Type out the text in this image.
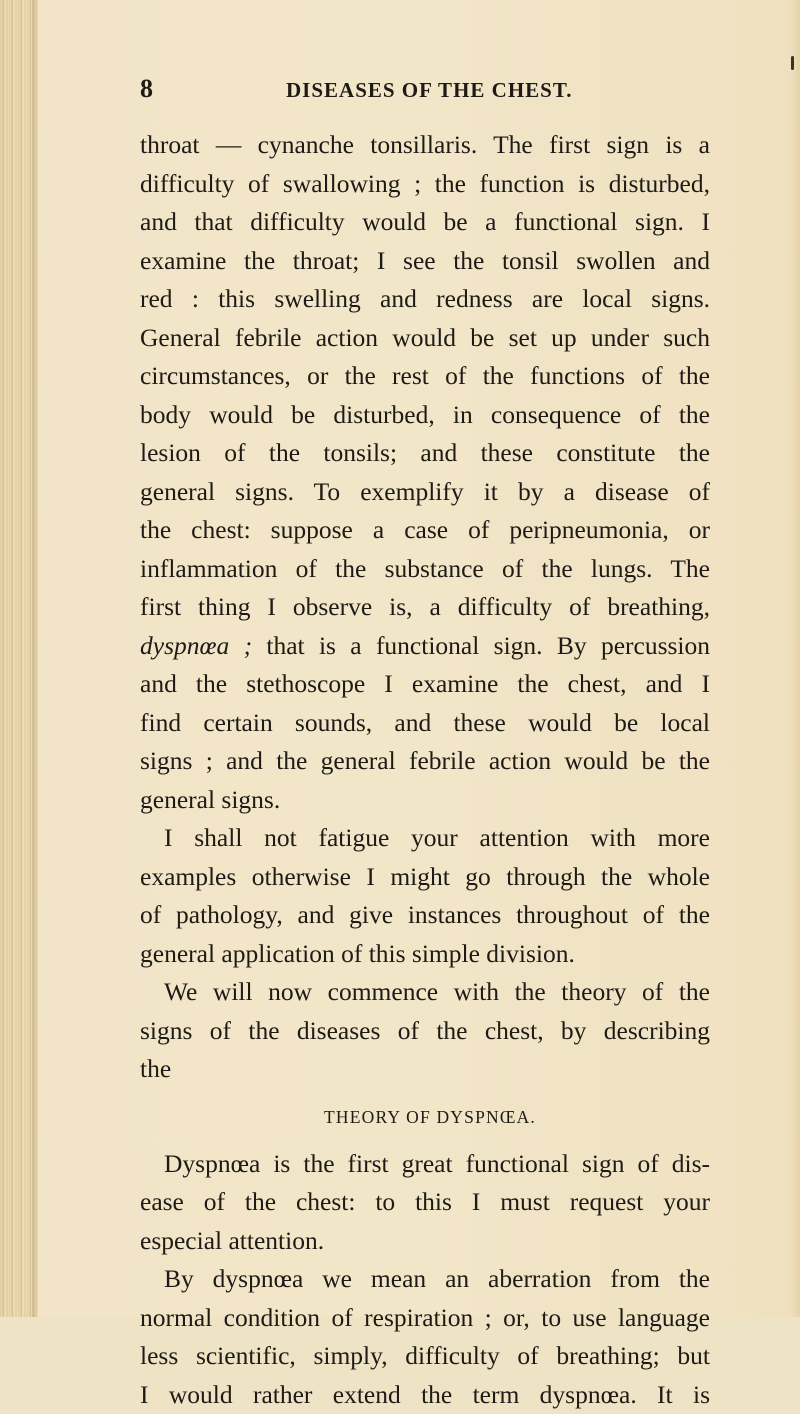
8	DISEASES OF THE CHEST.
throat — cynanche tonsillaris. The first sign is a
difficulty of swallowing ; the function is disturbed,
and that difficulty would be a functional sign. I
examine the throat; I see the tonsil swollen and
red : this swelling and redness are local signs.
General febrile action would be set up under such
circumstances, or the rest of the functions of the
body would be disturbed, in consequence of the
lesion of the tonsils; and these constitute the
general signs. To exemplify it by a disease of
the chest: suppose a case of peripneumonia, or
inflammation of the substance of the lungs. The
first thing I observe is, a difficulty of breathing,
dyspnœa ; that is a functional sign. By percussion
and the stethoscope I examine the chest, and I
find certain sounds, and these would be local
signs ; and the general febrile action would be the
general signs.
I shall not fatigue your attention with more
examples otherwise I might go through the whole
of pathology, and give instances throughout of the
general application of this simple division.
We will now commence with the theory of the
signs of the diseases of the chest, by describing
the
THEORY OF DYSPNŒA.
Dyspnœa is the first great functional sign of dis-
ease of the chest: to this I must request your
especial attention.
By dyspnœa we mean an aberration from the
normal condition of respiration ; or, to use language
less scientific, simply, difficulty of breathing; but
I would rather extend the term dyspnœa. It is
